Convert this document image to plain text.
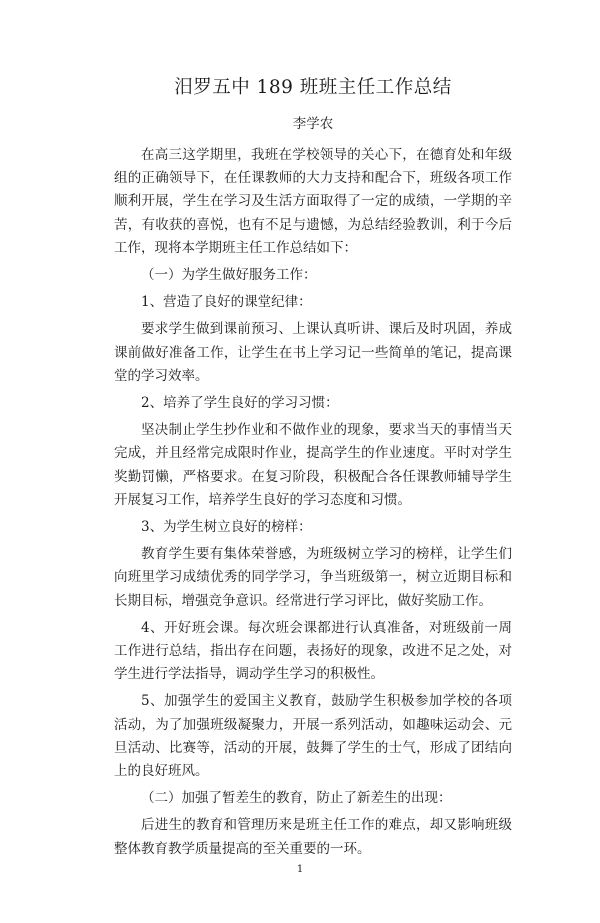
汨罗五中 189 班班主任工作总结
李学农

在高三这学期里，我班在学校领导的关心下，在德育处和年级组的正确领导下，在任课教师的大力支持和配合下，班级各项工作顺利开展，学生在学习及生活方面取得了一定的成绩，一学期的辛苦，有收获的喜悦，也有不足与遗憾，为总结经验教训，利于今后工作，现将本学期班主任工作总结如下：

（一）为学生做好服务工作：

1、营造了良好的课堂纪律：

要求学生做到课前预习、上课认真听讲、课后及时巩固，养成课前做好准备工作，让学生在书上学习记一些简单的笔记，提高课堂的学习效率。

2、培养了学生良好的学习习惯：

坚决制止学生抄作业和不做作业的现象，要求当天的事情当天完成，并且经常完成限时作业，提高学生的作业速度。平时对学生奖勤罚懒，严格要求。在复习阶段，积极配合各任课教师辅导学生开展复习工作，培养学生良好的学习态度和习惯。

3、为学生树立良好的榜样：

教育学生要有集体荣誉感，为班级树立学习的榜样，让学生们向班里学习成绩优秀的同学学习，争当班级第一，树立近期目标和长期目标，增强竞争意识。经常进行学习评比，做好奖励工作。

4、开好班会课。每次班会课都进行认真准备，对班级前一周工作进行总结，指出存在问题，表扬好的现象，改进不足之处，对学生进行学法指导，调动学生学习的积极性。

5、加强学生的爱国主义教育，鼓励学生积极参加学校的各项活动，为了加强班级凝聚力，开展一系列活动，如趣味运动会、元旦活动、比赛等，活动的开展，鼓舞了学生的士气，形成了团结向上的良好班风。

（二）加强了暂差生的教育，防止了新差生的出现：

后进生的教育和管理历来是班主任工作的难点，却又影响班级整体教育教学质量提高的至关重要的一环。

1
